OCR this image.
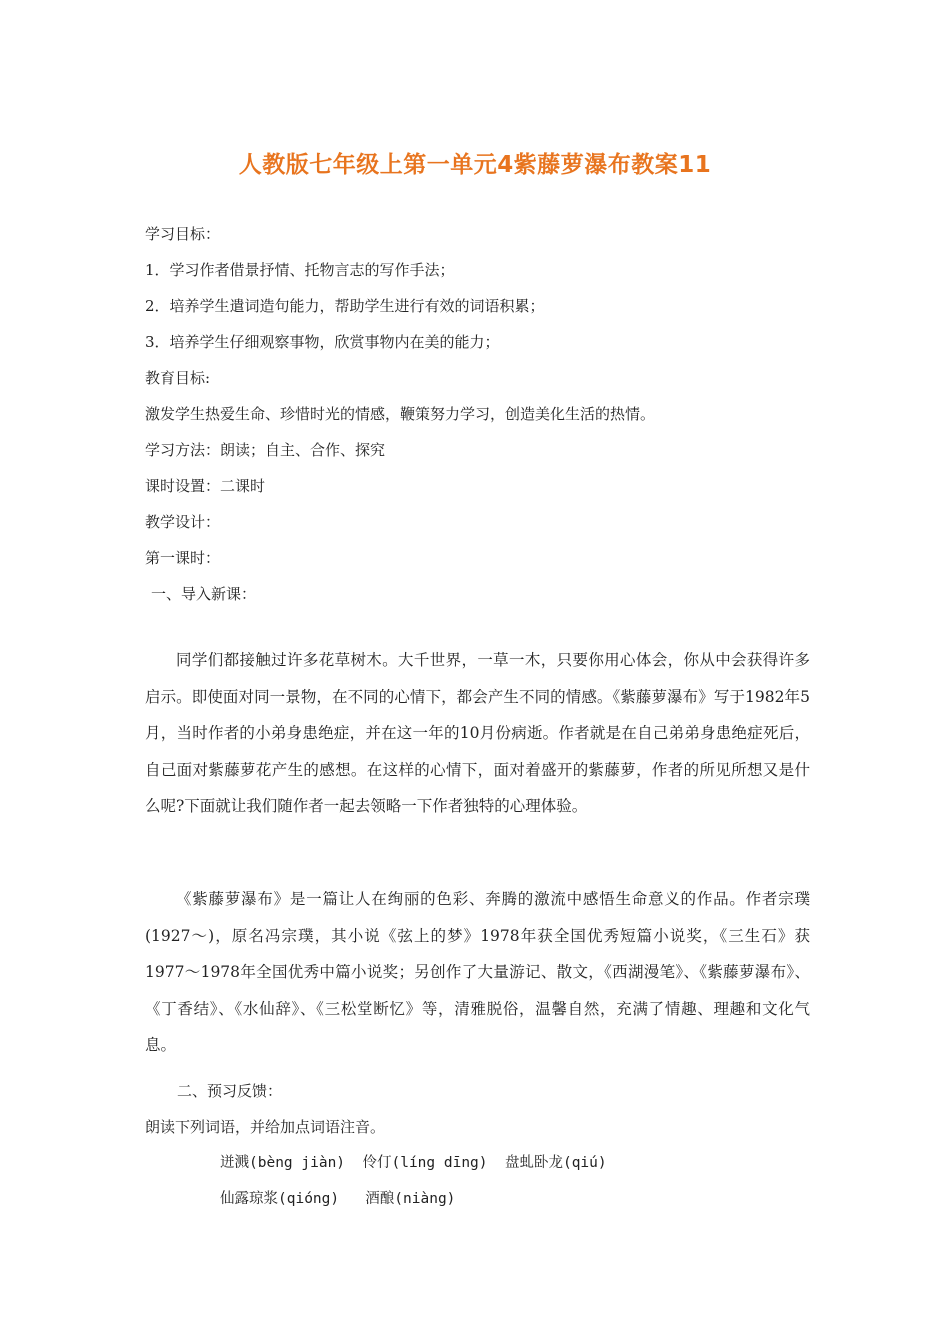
人教版七年级上第一单元4紫藤萝瀑布教案11
学习目标：
1．学习作者借景抒情、托物言志的写作手法；
2．培养学生遣词造句能力，帮助学生进行有效的词语积累；
3．培养学生仔细观察事物，欣赏事物内在美的能力；
教育目标:
激发学生热爱生命、珍惜时光的情感，鞭策努力学习，创造美化生活的热情。
学习方法：朗读；自主、合作、探究
课时设置：二课时
教学设计：
第一课时：
一、导入新课：
同学们都接触过许多花草树木。大千世界，一草一木，只要你用心体会，你从中会获得许多启示。即使面对同一景物，在不同的心情下，都会产生不同的情感。《紫藤萝瀑布》写于1982年5月，当时作者的小弟身患绝症，并在这一年的10月份病逝。作者就是在自己弟弟身患绝症死后，自己面对紫藤萝花产生的感想。在这样的心情下，面对着盛开的紫藤萝，作者的所见所想又是什么呢?下面就让我们随作者一起去领略一下作者独特的心理体验。
《紫藤萝瀑布》是一篇让人在绚丽的色彩、奔腾的激流中感悟生命意义的作品。作者宗璞(1927～)，原名冯宗璞，其小说《弦上的梦》1978年获全国优秀短篇小说奖，《三生石》获1977～1978年全国优秀中篇小说奖；另创作了大量游记、散文，《西湖漫笔》、《紫藤萝瀑布》、《丁香结》、《水仙辞》、《三松堂断忆》等，清雅脱俗，温馨自然，充满了情趣、理趣和文化气息。
二、预习反馈：
朗读下列词语，并给加点词语注音。
迸溅(bèng jiàn)  伶仃(líng dīng)  盘虬卧龙(qiú)
仙露琼浆(qióng)   酒酿(niàng)
